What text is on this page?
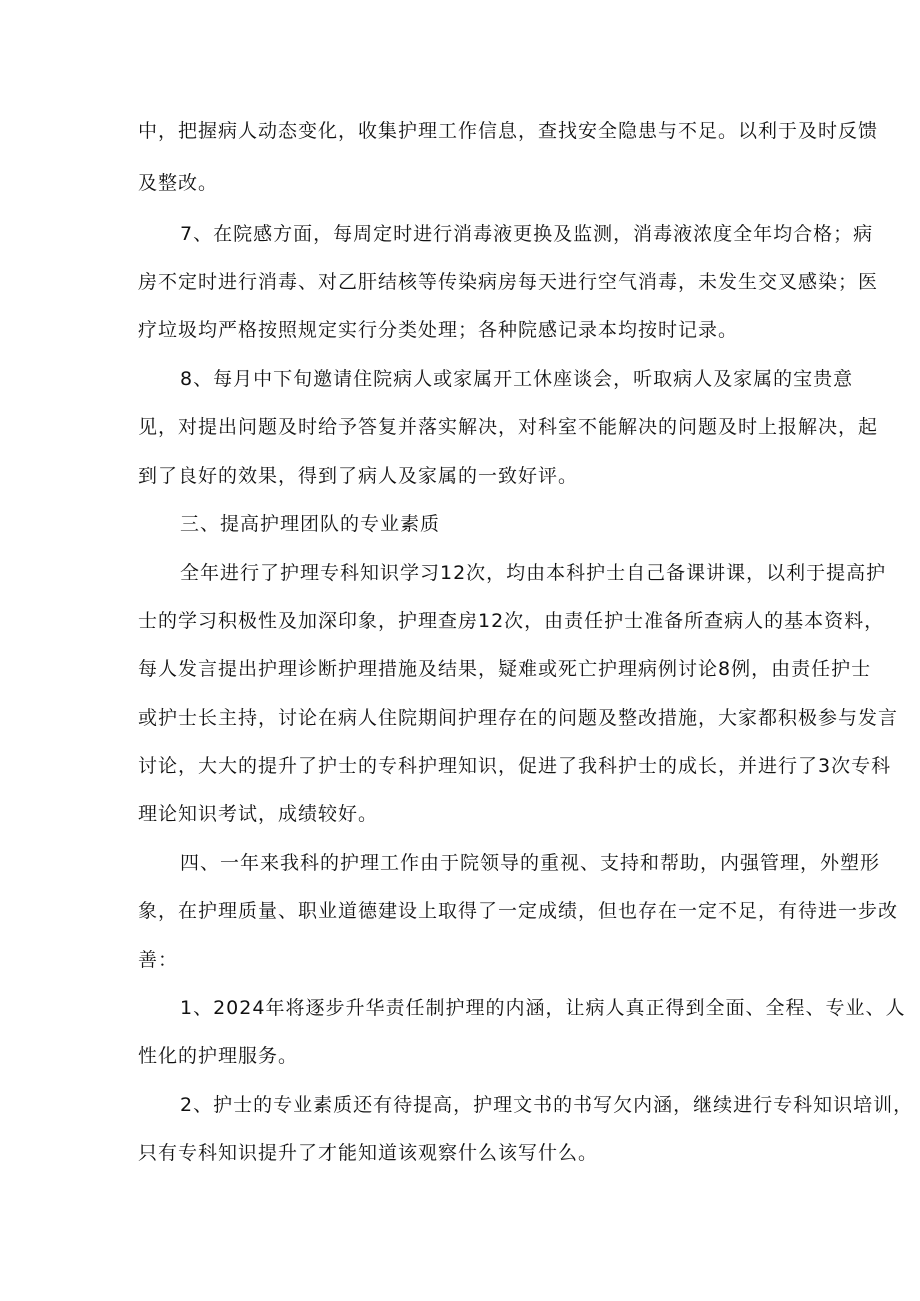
中，把握病人动态变化，收集护理工作信息，查找安全隐患与不足。以利于及时反馈

及整改。

7、在院感方面，每周定时进行消毒液更换及监测，消毒液浓度全年均合格；病

房不定时进行消毒、对乙肝结核等传染病房每天进行空气消毒，未发生交叉感染；医

疗垃圾均严格按照规定实行分类处理；各种院感记录本均按时记录。

8、每月中下旬邀请住院病人或家属开工休座谈会，听取病人及家属的宝贵意

见，对提出问题及时给予答复并落实解决，对科室不能解决的问题及时上报解决，起

到了良好的效果，得到了病人及家属的一致好评。

三、提高护理团队的专业素质

全年进行了护理专科知识学习12次，均由本科护士自己备课讲课，以利于提高护

士的学习积极性及加深印象，护理查房12次，由责任护士准备所查病人的基本资料，

每人发言提出护理诊断护理措施及结果，疑难或死亡护理病例讨论8例，由责任护士

或护士长主持，讨论在病人住院期间护理存在的问题及整改措施，大家都积极参与发言

讨论，大大的提升了护士的专科护理知识，促进了我科护士的成长，并进行了3次专科

理论知识考试，成绩较好。

四、一年来我科的护理工作由于院领导的重视、支持和帮助，内强管理，外塑形

象，在护理质量、职业道德建设上取得了一定成绩，但也存在一定不足，有待进一步改

善：

1、2024年将逐步升华责任制护理的内涵，让病人真正得到全面、全程、专业、人

性化的护理服务。

2、护士的专业素质还有待提高，护理文书的书写欠内涵，继续进行专科知识培训，

只有专科知识提升了才能知道该观察什么该写什么。
